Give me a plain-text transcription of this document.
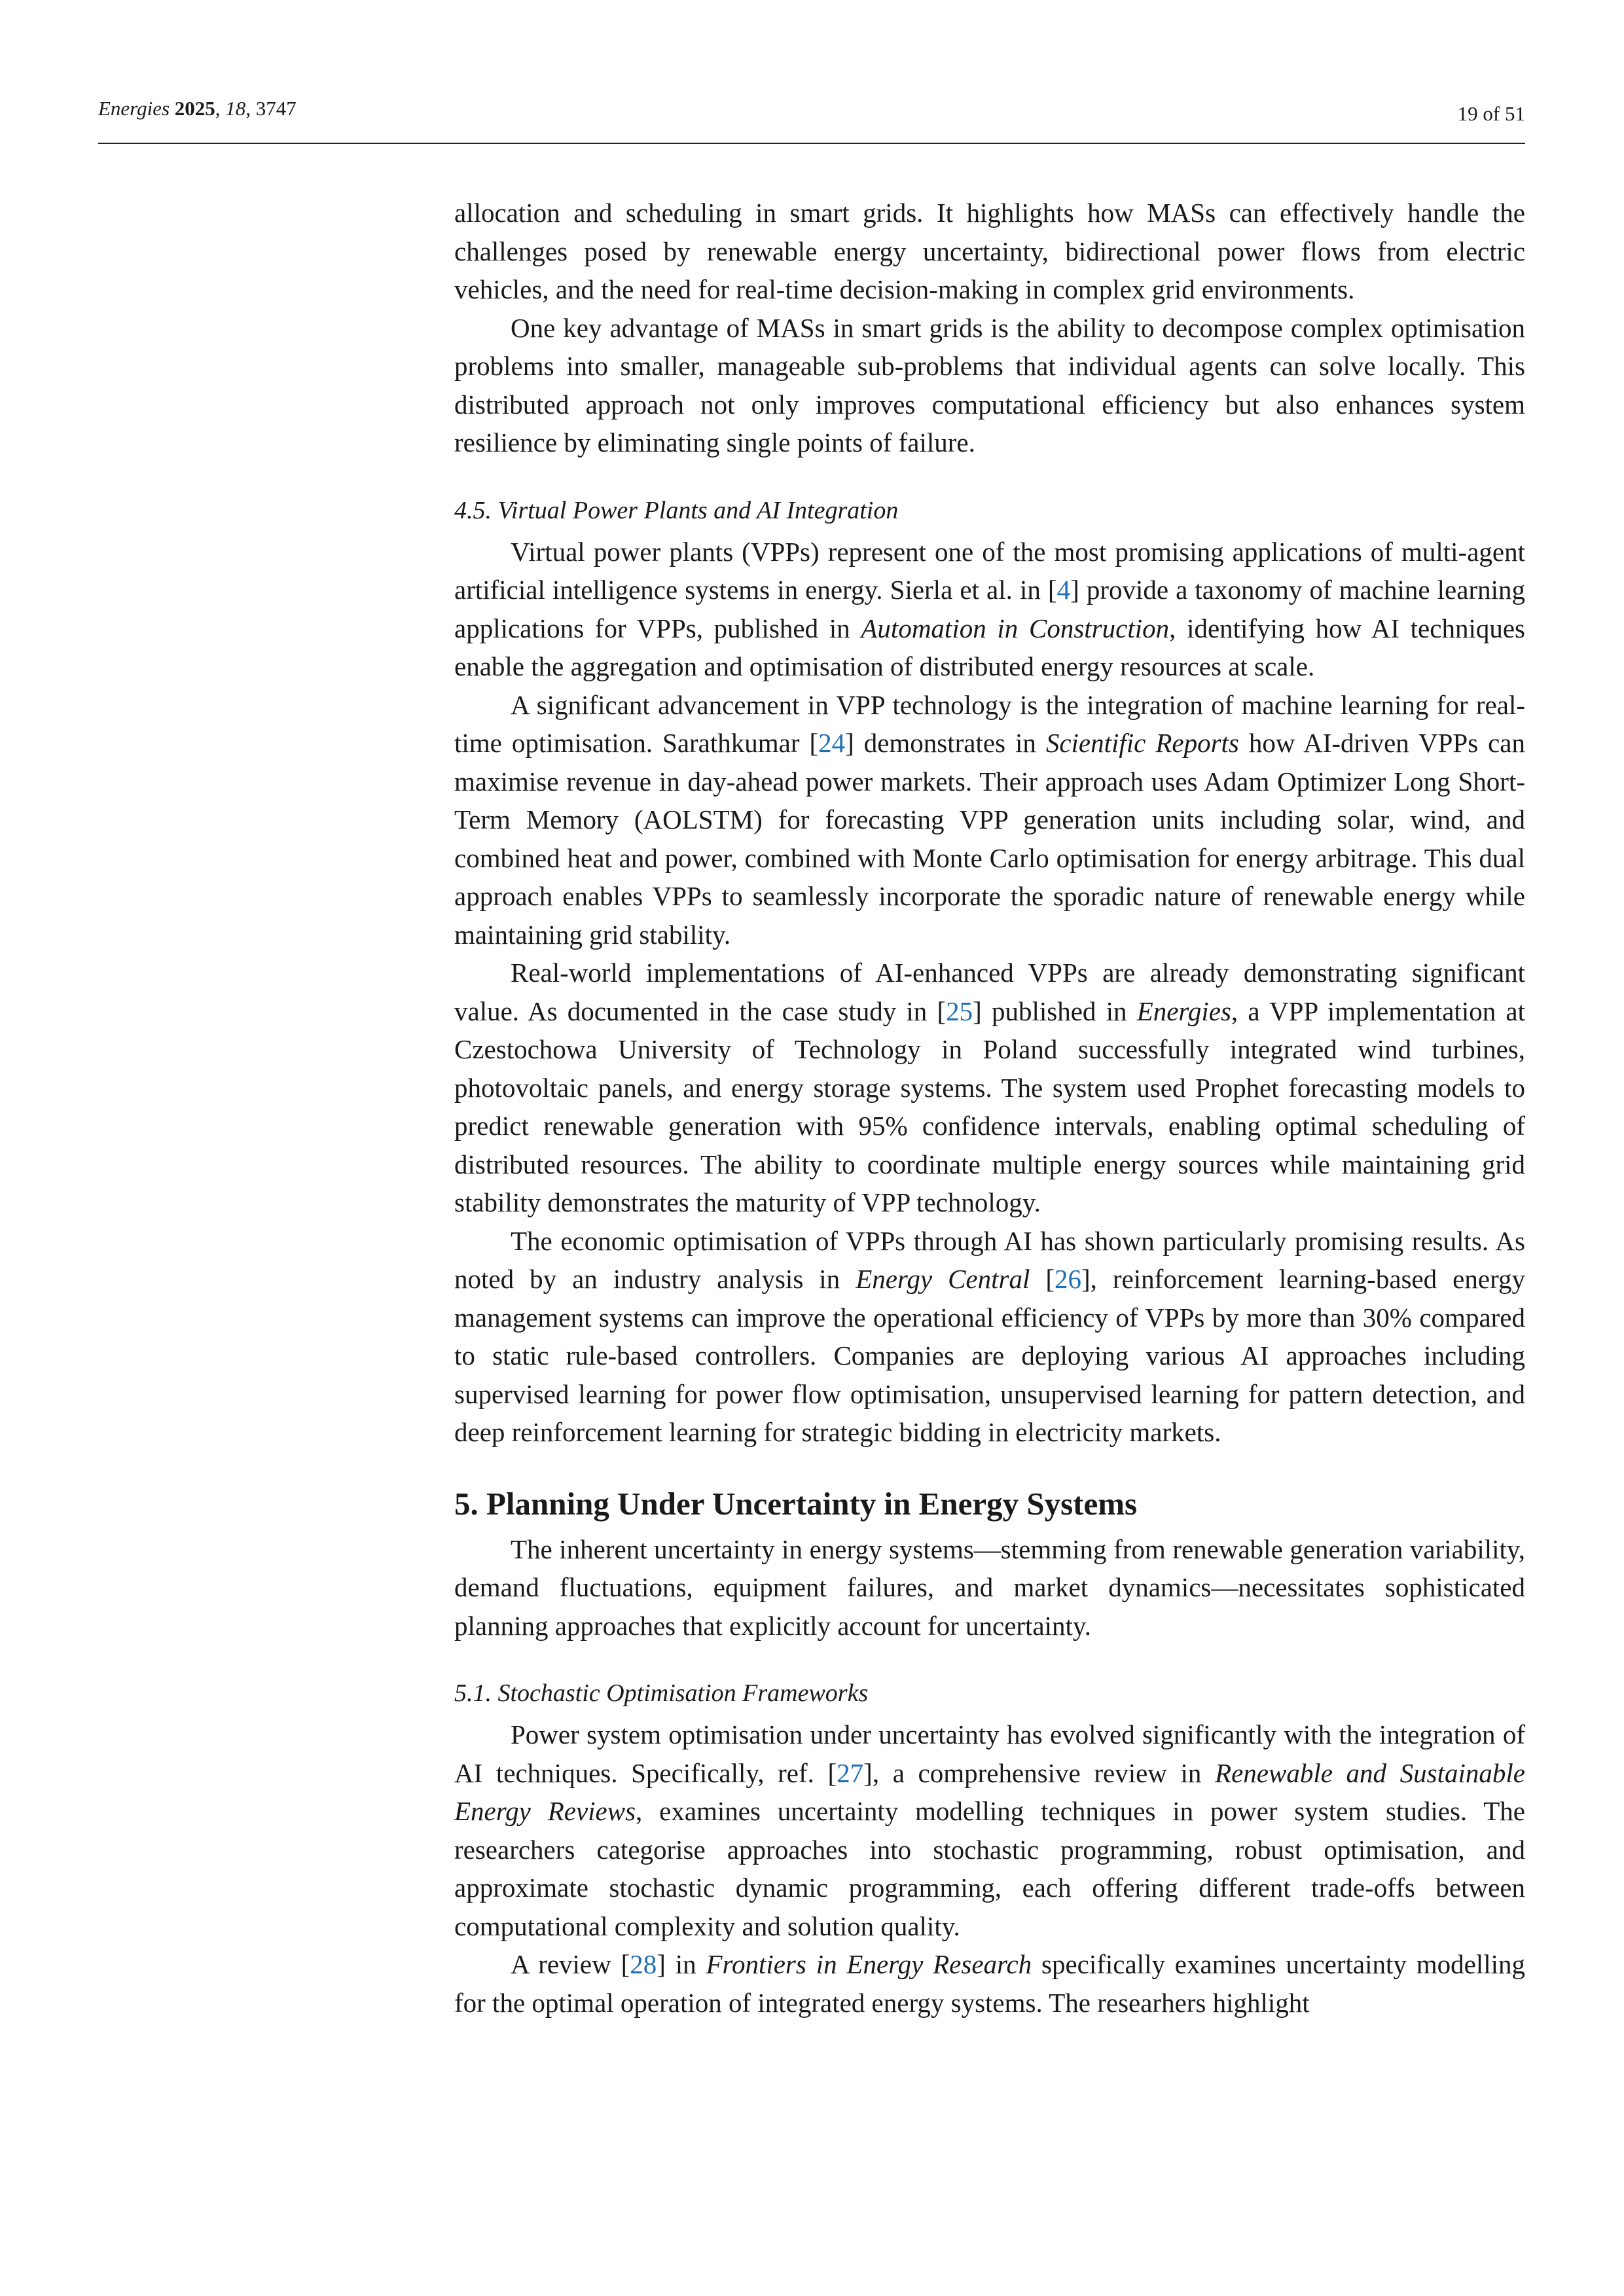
Energies 2025, 18, 3747	19 of 51

allocation and scheduling in smart grids. It highlights how MASs can effectively handle the challenges posed by renewable energy uncertainty, bidirectional power flows from electric vehicles, and the need for real-time decision-making in complex grid environments.

One key advantage of MASs in smart grids is the ability to decompose complex optimisation problems into smaller, manageable sub-problems that individual agents can solve locally. This distributed approach not only improves computational efficiency but also enhances system resilience by eliminating single points of failure.

4.5. Virtual Power Plants and AI Integration

Virtual power plants (VPPs) represent one of the most promising applications of multi-agent artificial intelligence systems in energy. Sierla et al. in [4] provide a taxonomy of machine learning applications for VPPs, published in Automation in Construction, identifying how AI techniques enable the aggregation and optimisation of distributed energy resources at scale.

A significant advancement in VPP technology is the integration of machine learning for real-time optimisation. Sarathkumar [24] demonstrates in Scientific Reports how AI-driven VPPs can maximise revenue in day-ahead power markets. Their approach uses Adam Optimizer Long Short-Term Memory (AOLSTM) for forecasting VPP generation units including solar, wind, and combined heat and power, combined with Monte Carlo optimisation for energy arbitrage. This dual approach enables VPPs to seamlessly incorporate the sporadic nature of renewable energy while maintaining grid stability.

Real-world implementations of AI-enhanced VPPs are already demonstrating significant value. As documented in the case study in [25] published in Energies, a VPP implementation at Czestochowa University of Technology in Poland successfully integrated wind turbines, photovoltaic panels, and energy storage systems. The system used Prophet forecasting models to predict renewable generation with 95% confidence intervals, enabling optimal scheduling of distributed resources. The ability to coordinate multiple energy sources while maintaining grid stability demonstrates the maturity of VPP technology.

The economic optimisation of VPPs through AI has shown particularly promising results. As noted by an industry analysis in Energy Central [26], reinforcement learning-based energy management systems can improve the operational efficiency of VPPs by more than 30% compared to static rule-based controllers. Companies are deploying various AI approaches including supervised learning for power flow optimisation, unsupervised learning for pattern detection, and deep reinforcement learning for strategic bidding in electricity markets.

5. Planning Under Uncertainty in Energy Systems

The inherent uncertainty in energy systems—stemming from renewable generation variability, demand fluctuations, equipment failures, and market dynamics—necessitates sophisticated planning approaches that explicitly account for uncertainty.

5.1. Stochastic Optimisation Frameworks

Power system optimisation under uncertainty has evolved significantly with the integration of AI techniques. Specifically, ref. [27], a comprehensive review in Renewable and Sustainable Energy Reviews, examines uncertainty modelling techniques in power system studies. The researchers categorise approaches into stochastic programming, robust optimisation, and approximate stochastic dynamic programming, each offering different trade-offs between computational complexity and solution quality.

A review [28] in Frontiers in Energy Research specifically examines uncertainty modelling for the optimal operation of integrated energy systems. The researhers highlight
